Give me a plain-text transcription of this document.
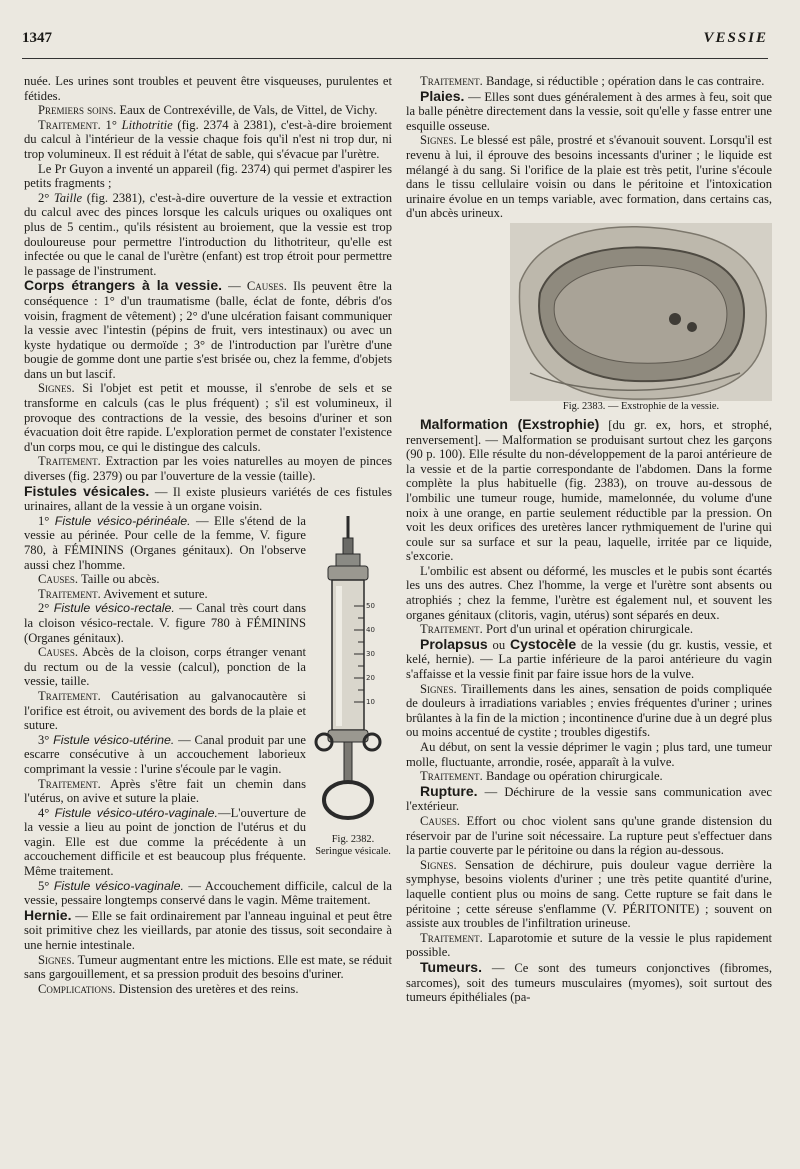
1347	VESSIE

nuée. Les urines sont troubles et peuvent être visqueuses, purulentes et fétides.

Premiers soins. Eaux de Contrexéville, de Vals, de Vittel, de Vichy.

Traitement. 1° Lithotritie (fig. 2374 à 2381), c'est-à-dire broiement du calcul à l'intérieur de la vessie chaque fois qu'il n'est ni trop dur, ni trop volumineux. Il est réduit à l'état de sable, qui s'évacue par l'urètre.

Le Pr Guyon a inventé un appareil (fig. 2374) qui permet d'aspirer les petits fragments ;

2° Taille (fig. 2381), c'est-à-dire ouverture de la vessie et extraction du calcul avec des pinces lorsque les calculs uriques ou oxaliques ont plus de 5 centim., qu'ils résistent au broiement, que la vessie est trop douloureuse pour permettre l'introduction du lithotriteur, qu'elle est infectée ou que le canal de l'urètre (enfant) est trop étroit pour permettre le passage de l'instrument.

Corps étrangers à la vessie. — Causes. Ils peuvent être la conséquence : 1° d'un traumatisme (balle, éclat de fonte, débris d'os voisin, fragment de vêtement) ; 2° d'une ulcération faisant communiquer la vessie avec l'intestin (pépins de fruit, vers intestinaux) ou avec un kyste hydatique ou dermoïde ; 3° de l'introduction par l'urètre d'une bougie de gomme dont une partie s'est brisée ou, chez la femme, d'objets dans un but lascif.

Signes. Si l'objet est petit et mousse, il s'enrobe de sels et se transforme en calculs (cas le plus fréquent) ; s'il est volumineux, il provoque des contractions de la vessie, des besoins d'uriner et son évacuation doit être rapide. L'exploration permet de constater l'existence d'un corps mou, ce qui le distingue des calculs.

Traitement. Extraction par les voies naturelles au moyen de pinces diverses (fig. 2379) ou par l'ouverture de la vessie (taille).

Fistules vésicales. — Il existe plusieurs variétés de ces fistules urinaires, allant de la vessie à un organe voisin.

50
40
30
20
10
Fig. 2382. Seringue vésicale.

1° Fistule vésico-périnéale. — Elle s'étend de la vessie au périnée. Pour celle de la femme, V. figure 780, à FÉMININS (Organes génitaux). On l'observe aussi chez l'homme.

Causes. Taille ou abcès.

Traitement. Avivement et suture.

2° Fistule vésico-rectale. — Canal très court dans la cloison vésico-rectale. V. figure 780 à FÉMININS (Organes génitaux).

Causes. Abcès de la cloison, corps étranger venant du rectum ou de la vessie (calcul), ponction de la vessie, taille.

Traitement. Cautérisation au galvanocautère si l'orifice est étroit, ou avivement des bords de la plaie et suture.

3° Fistule vésico-utérine. — Canal produit par une escarre consécutive à un accouchement laborieux comprimant la vessie : l'urine s'écoule par le vagin.

Traitement. Après s'être fait un chemin dans l'utérus, on avive et suture la plaie.

4° Fistule vésico-utéro-vaginale.—L'ouverture de la vessie a lieu au point de jonction de l'utérus et du vagin. Elle est due comme la précédente à un accouchement difficile et est beaucoup plus fréquente. Même traitement.

5° Fistule vésico-vaginale. — Accouchement difficile, calcul de la vessie, pessaire longtemps conservé dans le vagin. Même traitement.

Hernie. — Elle se fait ordinairement par l'anneau inguinal et peut être soit primitive chez les vieillards, par atonie des tissus, soit secondaire à une hernie intestinale.

Signes. Tumeur augmentant entre les mictions. Elle est mate, se réduit sans gargouillement, et sa pression produit des besoins d'uriner.

Complications. Distension des uretères et des reins.

Traitement. Bandage, si réductible ; opération dans le cas contraire.

Plaies. — Elles sont dues généralement à des armes à feu, soit que la balle pénètre directement dans la vessie, soit qu'elle y fasse entrer une esquille osseuse.

Signes. Le blessé est pâle, prostré et s'évanouit souvent. Lorsqu'il est revenu à lui, il éprouve des besoins incessants d'uriner ; le liquide est mélangé à du sang. Si l'orifice de la plaie est très petit, l'urine s'écoule dans le tissu cellulaire voisin ou dans le péritoine et l'intoxication urinaire évolue en un temps variable, avec formation, dans certains cas, d'un abcès urineux.

Fig. 2383. — Exstrophie de la vessie.

Malformation (Exstrophie) [du gr. ex, hors, et strophé, renversement]. — Malformation se produisant surtout chez les garçons (90 p. 100). Elle résulte du non-développement de la paroi antérieure de la vessie et de la partie correspondante de l'abdomen. Dans la forme complète la plus habituelle (fig. 2383), on trouve au-dessous de l'ombilic une tumeur rouge, humide, mamelonnée, du volume d'une noix à une orange, en partie seulement réductible par la pression. On voit les deux orifices des uretères lancer rythmiquement de l'urine qui coule sur sa surface et sur la peau, laquelle, irritée par ce liquide, s'excorie.

L'ombilic est absent ou déformé, les muscles et le pubis sont écartés les uns des autres. Chez l'homme, la verge et l'urètre sont absents ou atrophiés ; chez la femme, l'urètre est également nul, et souvent les organes génitaux (clitoris, vagin, utérus) sont séparés en deux.

Traitement. Port d'un urinal et opération chirurgicale.

Prolapsus ou Cystocèle de la vessie (du gr. kustis, vessie, et kelé, hernie). — La partie inférieure de la paroi antérieure du vagin s'affaisse et la vessie finit par faire issue hors de la vulve.

Signes. Tiraillements dans les aines, sensation de poids compliquée de douleurs à irradiations variables ; envies fréquentes d'uriner ; urines brûlantes à la fin de la miction ; incontinence d'urine due à un degré plus ou moins accentué de cystite ; troubles digestifs.

Au début, on sent la vessie déprimer le vagin ; plus tard, une tumeur molle, fluctuante, arrondie, rosée, apparaît à la vulve.

Traitement. Bandage ou opération chirurgicale.

Rupture. — Déchirure de la vessie sans communication avec l'extérieur.

Causes. Effort ou choc violent sans qu'une grande distension du réservoir par de l'urine soit nécessaire. La rupture peut s'effectuer dans la partie couverte par le péritoine ou dans la région au-dessous.

Signes. Sensation de déchirure, puis douleur vague derrière la symphyse, besoins violents d'uriner ; une très petite quantité d'urine, laquelle contient plus ou moins de sang. Cette rupture se fait dans le péritoine ; cette séreuse s'enflamme (V. PÉRITONITE) ; souvent on assiste aux troubles de l'infiltration urineuse.

Traitement. Laparotomie et suture de la vessie le plus rapidement possible.

Tumeurs. — Ce sont des tumeurs conjonctives (fibromes, sarcomes), soit des tumeurs musculaires (myomes), soit surtout des tumeurs épithéliales (pa-
